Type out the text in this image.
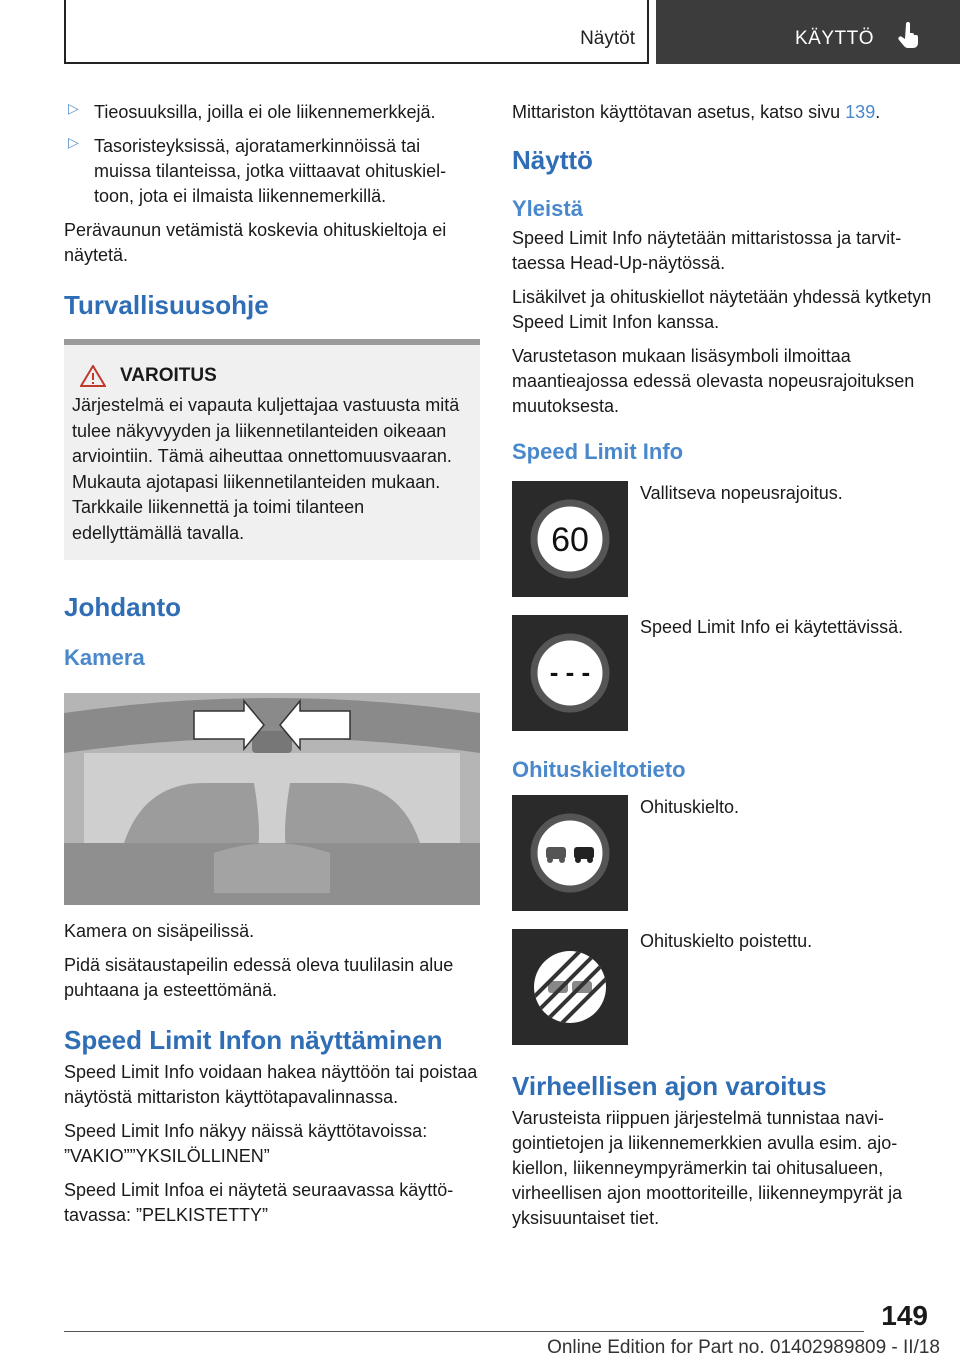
Näytöt	KÄYTTÖ
▷ Tieosuuksilla, joilla ei ole liikennemerkkejä.

▷ Tasoristeyksissä, ajoratamerkinnöissä tai muissa tilanteissa, jotka viittaavat ohituskieltoon, jota ei ilmaista liikennemerkillä.

Perävaunun vetämistä koskevia ohituskieltoja ei näytetä.

Turvallisuusohje
VAROITUS

Järjestelmä ei vapauta kuljettajaa vastuusta mitä tulee näkyvyyden ja liikennetilanteiden oikeaan arviointiin. Tämä aiheuttaa onnettomuusvaaran. Mukauta ajotapasi liikennetilanteiden mukaan. Tarkkaile liikennettä ja toimi tilanteen edellyttämällä tavalla.

Johdanto
Kamera

Kamera on sisäpeilissä.

Pidä sisätaustapeilin edessä oleva tuulilasin alue puhtaana ja esteettömänä.

Speed Limit Infon näyttäminen

Speed Limit Info voidaan hakea näyttöön tai poistaa näytöstä mittariston käyttötapavalinnassa.

Speed Limit Info näkyy näissä käyttötavoissa: ”VAKIO””YKSILÖLLINEN”

Speed Limit Infoa ei näytetä seuraavassa käyttötavassa: ”PELKISTETTY”

Mittariston käyttötavan asetus, katso sivu 139.

Näyttö
Yleistä

Speed Limit Info näytetään mittaristossa ja tarvittaessa Head-Up-näytössä.

Lisäkilvet ja ohituskiellot näytetään yhdessä kytketyn Speed Limit Infon kanssa.

Varustetason mukaan lisäsymboli ilmoittaa maantieajossa edessä olevasta nopeusrajoituksen muutoksesta.

Speed Limit Info
60
Vallitseva nopeusrajoitus.
- - -
Speed Limit Info ei käytettävissä.
Ohituskieltotieto
Ohituskielto.
Ohituskielto poistettu.
Virheellisen ajon varoitus

Varusteista riippuen järjestelmä tunnistaa navigointietojen ja liikennemerkkien avulla esim. ajokiellon, liikenneympyrämerkin tai ohitusalueen, virheellisen ajon moottoriteille, liikenneympyrät ja yksisuuntaiset tiet.

149
Online Edition for Part no. 01402989809 - II/18
